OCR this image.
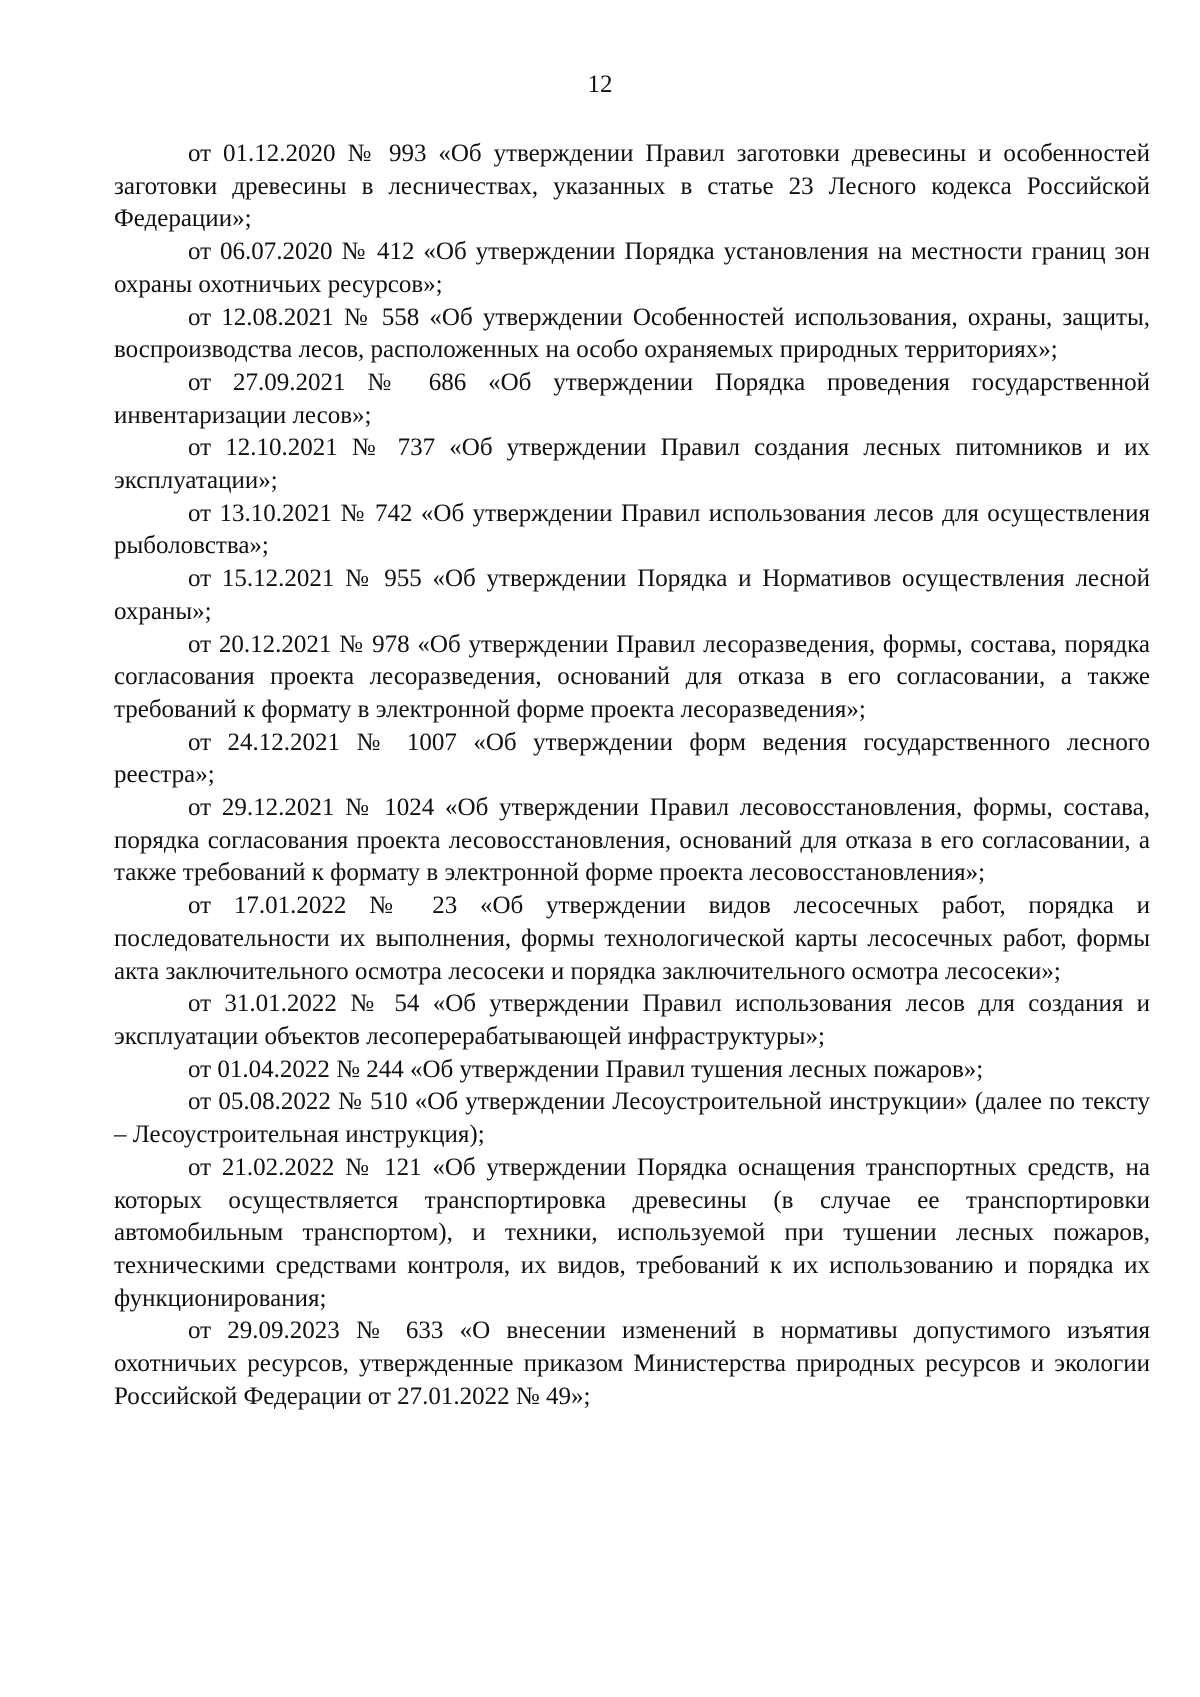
12

от 01.12.2020 № 993 «Об утверждении Правил заготовки древесины и особенностей заготовки древесины в лесничествах, указанных в статье 23 Лесного кодекса Российской Федерации»;

от 06.07.2020 № 412 «Об утверждении Порядка установления на местности границ зон охраны охотничьих ресурсов»;

от 12.08.2021 № 558 «Об утверждении Особенностей использования, охраны, защиты, воспроизводства лесов, расположенных на особо охраняемых природных территориях»;

от 27.09.2021 № 686 «Об утверждении Порядка проведения государственной инвентаризации лесов»;

от 12.10.2021 № 737 «Об утверждении Правил создания лесных питомников и их эксплуатации»;

от 13.10.2021 № 742 «Об утверждении Правил использования лесов для осуществления рыболовства»;

от 15.12.2021 № 955 «Об утверждении Порядка и Нормативов осуществления лесной охраны»;

от 20.12.2021 № 978 «Об утверждении Правил лесоразведения, формы, состава, порядка согласования проекта лесоразведения, оснований для отказа в его согласовании, а также требований к формату в электронной форме проекта лесоразведения»;

от 24.12.2021 № 1007 «Об утверждении форм ведения государственного лесного реестра»;

от 29.12.2021 № 1024 «Об утверждении Правил лесовосстановления, формы, состава, порядка согласования проекта лесовосстановления, оснований для отказа в его согласовании, а также требований к формату в электронной форме проекта лесовосстановления»;

от 17.01.2022 № 23 «Об утверждении видов лесосечных работ, порядка и последовательности их выполнения, формы технологической карты лесосечных работ, формы акта заключительного осмотра лесосеки и порядка заключительного осмотра лесосеки»;

от 31.01.2022 № 54 «Об утверждении Правил использования лесов для создания и эксплуатации объектов лесоперерабатывающей инфраструктуры»;

от 01.04.2022 № 244 «Об утверждении Правил тушения лесных пожаров»;

от 05.08.2022 № 510 «Об утверждении Лесоустроительной инструкции» (далее по тексту – Лесоустроительная инструкция);

от 21.02.2022 № 121 «Об утверждении Порядка оснащения транспортных средств, на которых осуществляется транспортировка древесины (в случае ее транспортировки автомобильным транспортом), и техники, используемой при тушении лесных пожаров, техническими средствами контроля, их видов, требований к их использованию и порядка их функционирования;

от 29.09.2023 № 633 «О внесении изменений в нормативы допустимого изъятия охотничьих ресурсов, утвержденные приказом Министерства природных ресурсов и экологии Российской Федерации от 27.01.2022 № 49»;
